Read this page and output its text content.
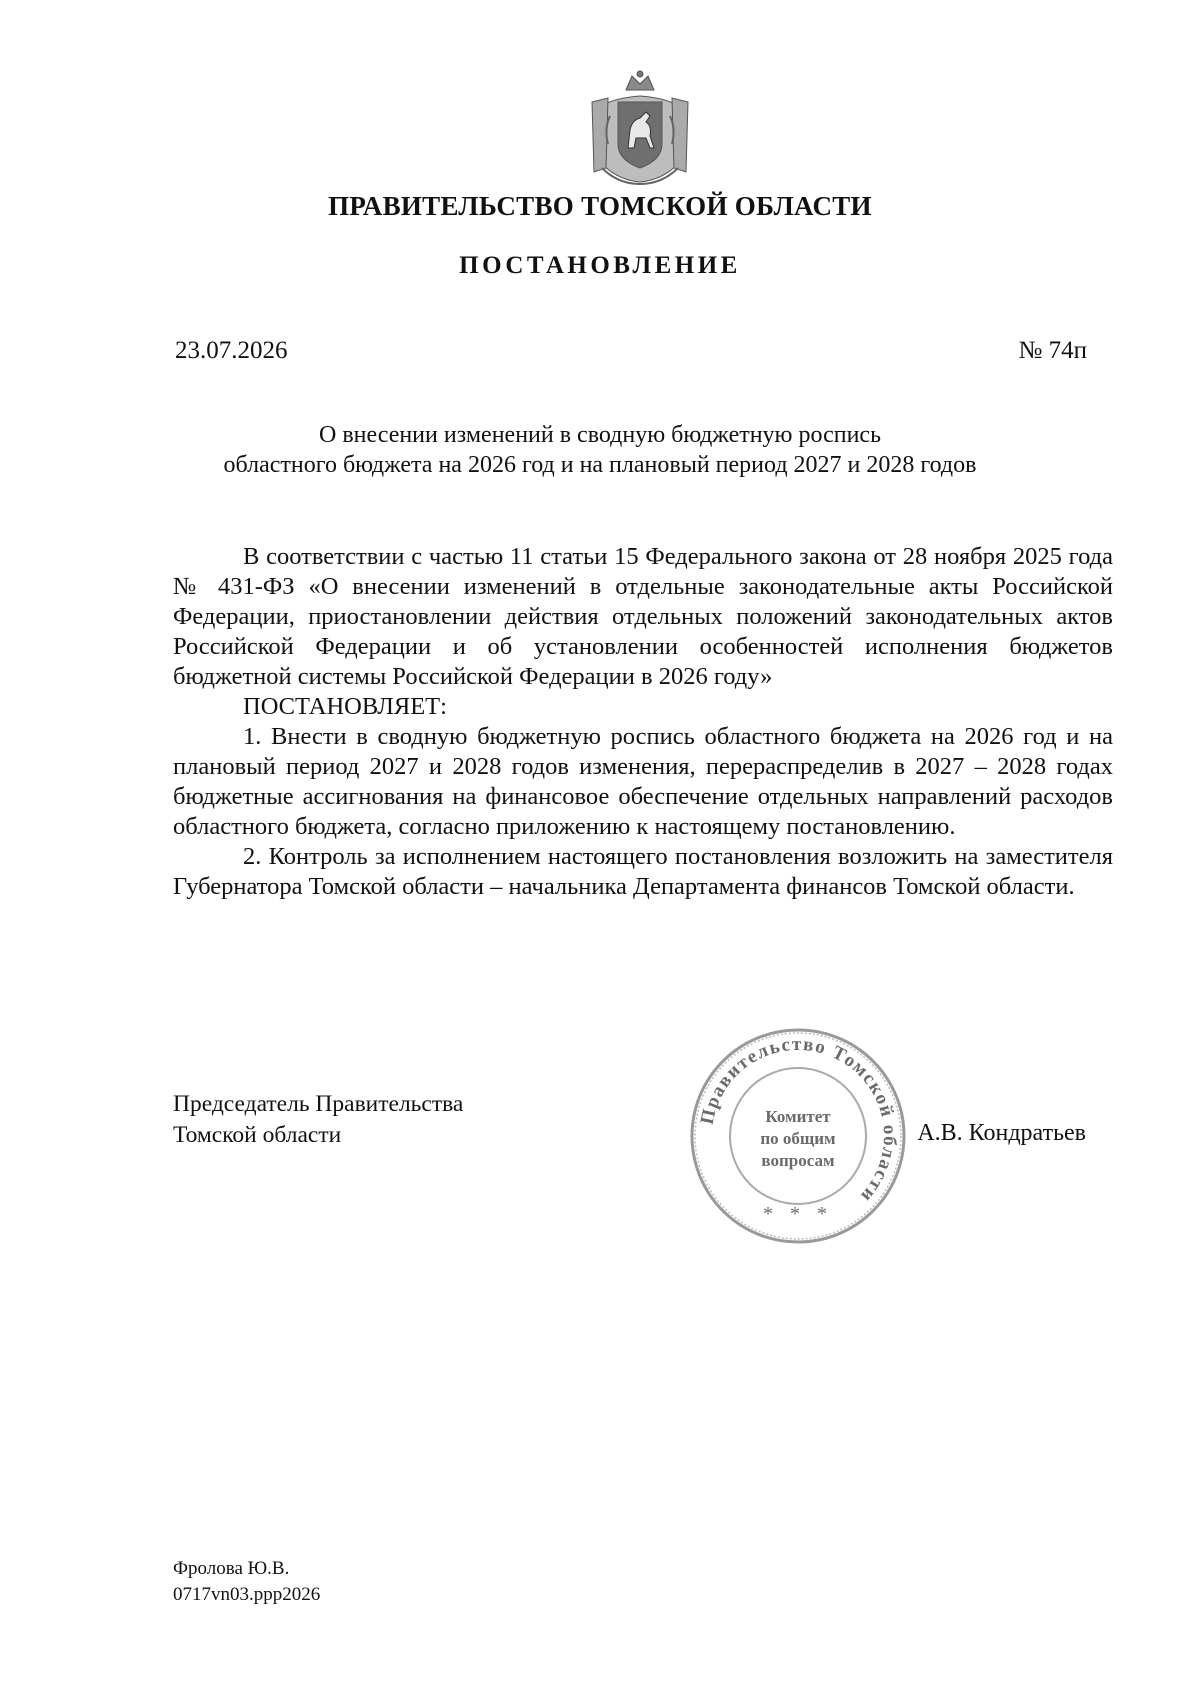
ПРАВИТЕЛЬСТВО ТОМСКОЙ ОБЛАСТИ
ПОСТАНОВЛЕНИЕ
23.07.2026	№ 74п
О внесении изменений в сводную бюджетную роспись
областного бюджета на 2026 год и на плановый период 2027 и 2028 годов

В соответствии с частью 11 статьи 15 Федерального закона от 28 ноября 2025 года № 431-ФЗ «О внесении изменений в отдельные законодательные акты Российской Федерации, приостановлении действия отдельных положений законодательных актов Российской Федерации и об установлении особенностей исполнения бюджетов бюджетной системы Российской Федерации в 2026 году»

ПОСТАНОВЛЯЕТ:

1. Внести в сводную бюджетную роспись областного бюджета на 2026 год и на плановый период 2027 и 2028 годов изменения, перераспределив в 2027 – 2028 годах бюджетные ассигнования на финансовое обеспечение отдельных направлений расходов областного бюджета, согласно приложению к настоящему постановлению.

2. Контроль за исполнением настоящего постановления возложить на заместителя Губернатора Томской области – начальника Департамента финансов Томской области.

Председатель Правительства
Томской области	А.В. Кондратьев
Правительство Томской области
Комитет
по общим
вопросам
* * *
Фролова Ю.В.
0717vn03.ppp2026
